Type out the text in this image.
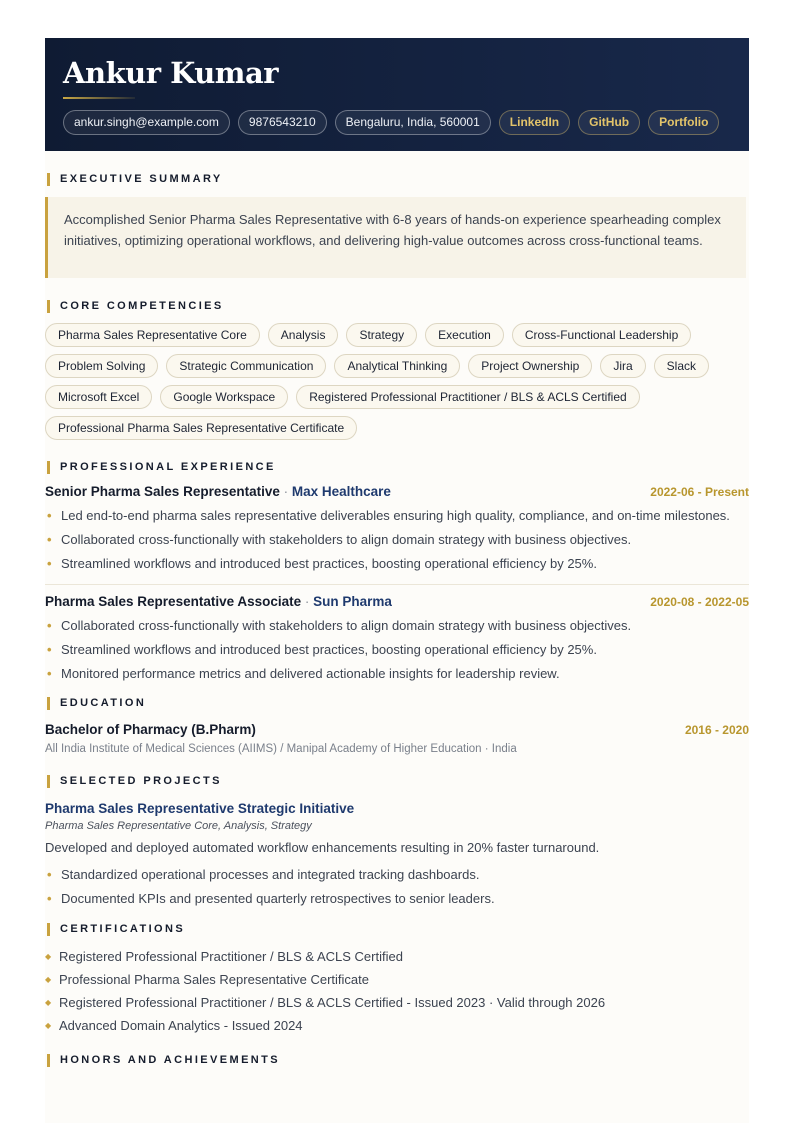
Ankur Kumar
ankur.singh@example.com	9876543210	Bengaluru, India, 560001	LinkedIn	GitHub	Portfolio
EXECUTIVE SUMMARY
Accomplished Senior Pharma Sales Representative with 6-8 years of hands-on experience spearheading complex initiatives, optimizing operational workflows, and delivering high-value outcomes across cross-functional teams.
CORE COMPETENCIES
Pharma Sales Representative Core	Analysis	Strategy	Execution	Cross-Functional Leadership
Problem Solving	Strategic Communication	Analytical Thinking	Project Ownership	Jira	Slack
Microsoft Excel	Google Workspace	Registered Professional Practitioner / BLS & ACLS Certified
Professional Pharma Sales Representative Certificate
PROFESSIONAL EXPERIENCE
Senior Pharma Sales Representative · Max Healthcare	2022-06 - Present
• Led end-to-end pharma sales representative deliverables ensuring high quality, compliance, and on-time milestones.
• Collaborated cross-functionally with stakeholders to align domain strategy with business objectives.
• Streamlined workflows and introduced best practices, boosting operational efficiency by 25%.
Pharma Sales Representative Associate · Sun Pharma	2020-08 - 2022-05
• Collaborated cross-functionally with stakeholders to align domain strategy with business objectives.
• Streamlined workflows and introduced best practices, boosting operational efficiency by 25%.
• Monitored performance metrics and delivered actionable insights for leadership review.
EDUCATION
Bachelor of Pharmacy (B.Pharm)	2016 - 2020
All India Institute of Medical Sciences (AIIMS) / Manipal Academy of Higher Education · India
SELECTED PROJECTS
Pharma Sales Representative Strategic Initiative
Pharma Sales Representative Core, Analysis, Strategy
Developed and deployed automated workflow enhancements resulting in 20% faster turnaround.
• Standardized operational processes and integrated tracking dashboards.
• Documented KPIs and presented quarterly retrospectives to senior leaders.
CERTIFICATIONS
◆ Registered Professional Practitioner / BLS & ACLS Certified
◆ Professional Pharma Sales Representative Certificate
◆ Registered Professional Practitioner / BLS & ACLS Certified - Issued 2023 · Valid through 2026
◆ Advanced Domain Analytics - Issued 2024
HONORS AND ACHIEVEMENTS
